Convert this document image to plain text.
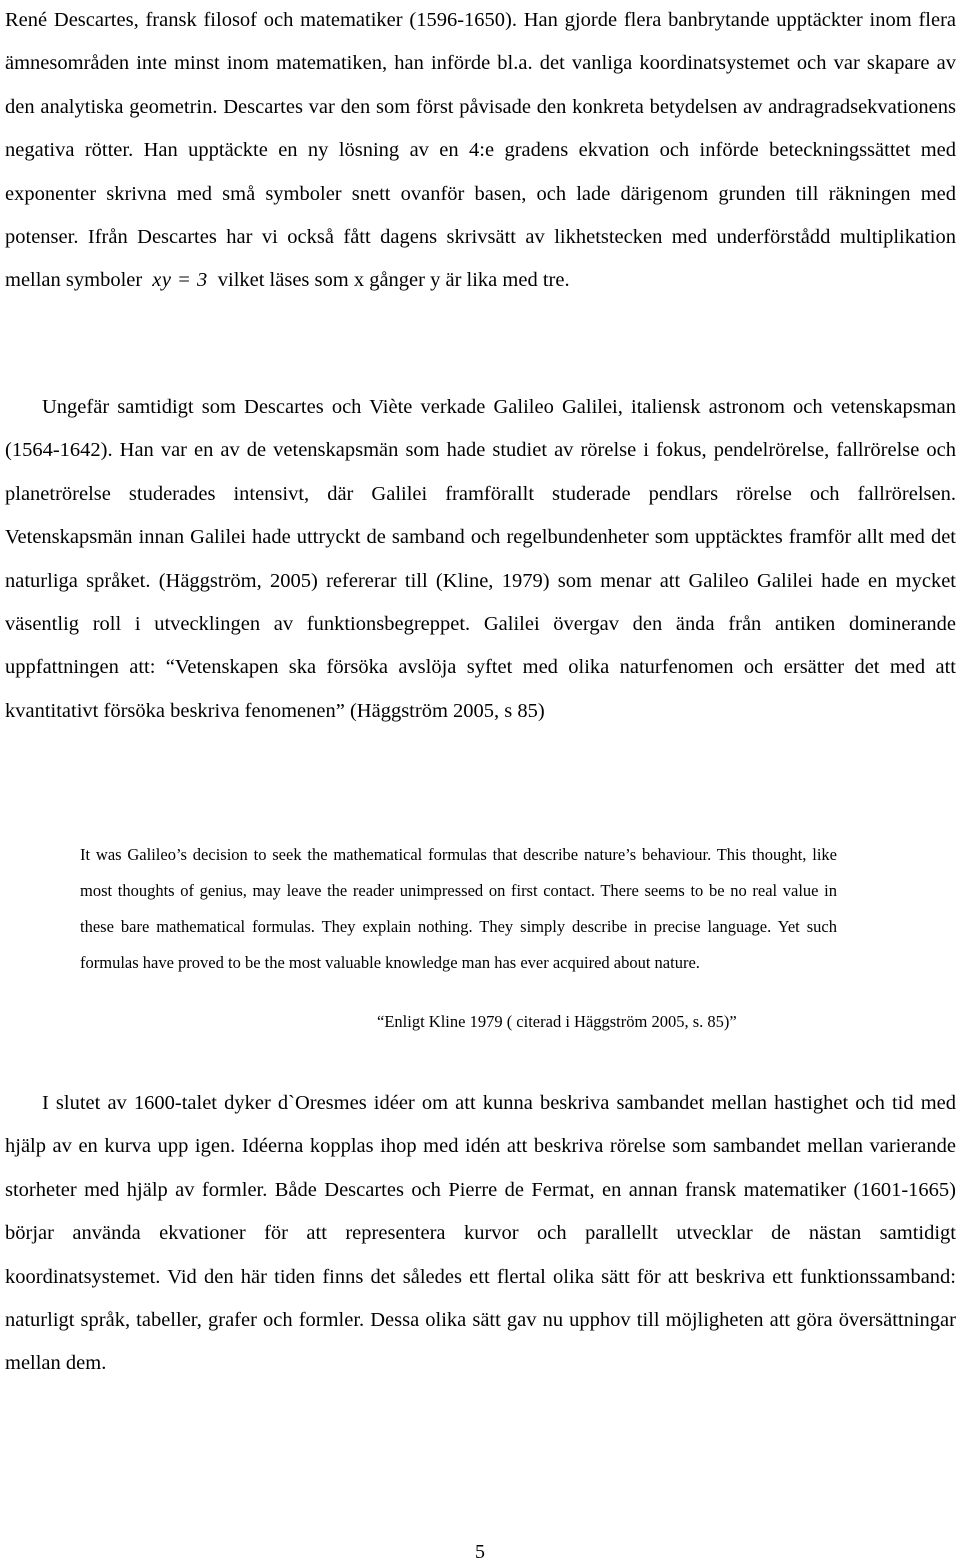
René Descartes, fransk filosof och matematiker (1596-1650). Han gjorde flera banbrytande upptäckter inom flera ämnesområden inte minst inom matematiken, han införde bl.a. det vanliga koordinatsystemet och var skapare av den analytiska geometrin. Descartes var den som först påvisade den konkreta betydelsen av andragradsekvationens negativa rötter. Han upptäckte en ny lösning av en 4:e gradens ekvation och införde beteckningssättet med exponenter skrivna med små symboler snett ovanför basen, och lade därigenom grunden till räkningen med potenser. Ifrån Descartes har vi också fått dagens skrivsätt av likhetstecken med underförstådd multiplikation mellan symboler xy = 3 vilket läses som x gånger y är lika med tre.

Ungefär samtidigt som Descartes och Viète verkade Galileo Galilei, italiensk astronom och vetenskapsman (1564-1642). Han var en av de vetenskapsmän som hade studiet av rörelse i fokus, pendelrörelse, fallrörelse och planetrörelse studerades intensivt, där Galilei framförallt studerade pendlars rörelse och fallrörelsen. Vetenskapsmän innan Galilei hade uttryckt de samband och regelbundenheter som upptäcktes framför allt med det naturliga språket. (Häggström, 2005) refererar till (Kline, 1979) som menar att Galileo Galilei hade en mycket väsentlig roll i utvecklingen av funktionsbegreppet. Galilei övergav den ända från antiken dominerande uppfattningen att: “Vetenskapen ska försöka avslöja syftet med olika naturfenomen och ersätter det med att kvantitativt försöka beskriva fenomenen” (Häggström 2005, s 85)

It was Galileo’s decision to seek the mathematical formulas that describe nature’s behaviour. This thought, like most thoughts of genius, may leave the reader unimpressed on first contact. There seems to be no real value in these bare mathematical formulas. They explain nothing. They simply describe in precise language. Yet such formulas have proved to be the most valuable knowledge man has ever acquired about nature.

“Enligt Kline 1979 ( citerad i Häggström 2005, s. 85)”

I slutet av 1600-talet dyker d`Oresmes idéer om att kunna beskriva sambandet mellan hastighet och tid med hjälp av en kurva upp igen. Idéerna kopplas ihop med idén att beskriva rörelse som sambandet mellan varierande storheter med hjälp av formler. Både Descartes och Pierre de Fermat, en annan fransk matematiker (1601-1665) börjar använda ekvationer för att representera kurvor och parallellt utvecklar de nästan samtidigt koordinatsystemet. Vid den här tiden finns det således ett flertal olika sätt för att beskriva ett funktionssamband: naturligt språk, tabeller, grafer och formler. Dessa olika sätt gav nu upphov till möjligheten att göra översättningar mellan dem.

5
